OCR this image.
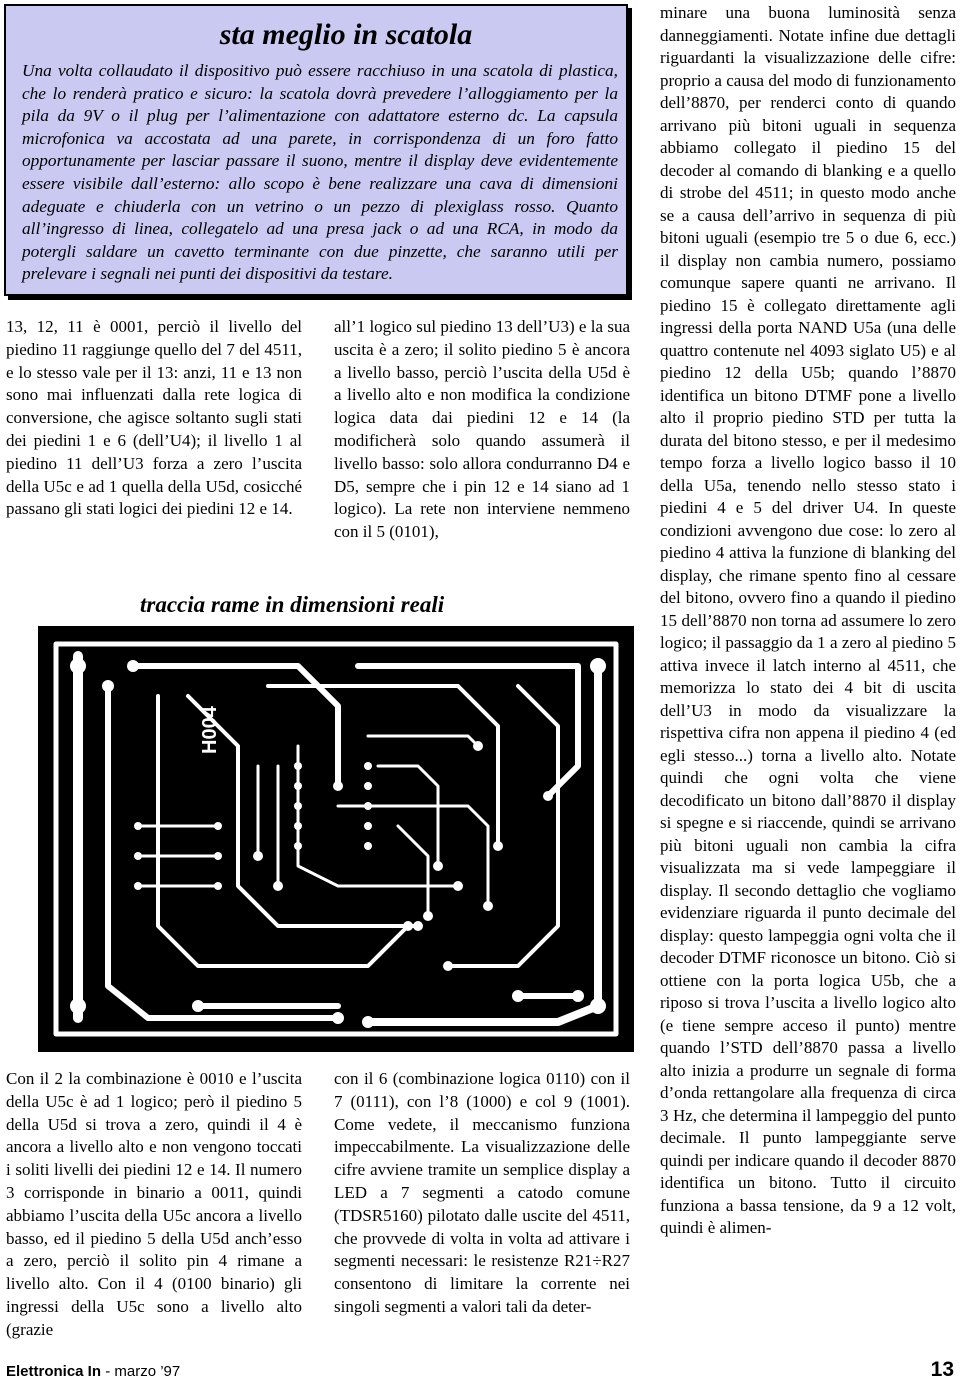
sta meglio in scatola

Una volta collaudato il dispositivo può essere racchiuso in una scatola di plastica, che lo renderà pratico e sicuro: la scatola dovrà prevedere l’alloggiamento per la pila da 9V o il plug per l’alimentazione con adattatore esterno dc. La capsula microfonica va accostata ad una parete, in corrispondenza di un foro fatto opportunamente per lasciar passare il suono, mentre il display deve evidentemente essere visibile dall’esterno: allo scopo è bene realizzare una cava di dimensioni adeguate e chiuderla con un vetrino o un pezzo di plexiglass rosso. Quanto all’ingresso di linea, collegatelo ad una presa jack o ad una RCA, in modo da potergli saldare un cavetto terminante con due pinzette, che saranno utili per prelevare i segnali nei punti dei dispositivi da testare.

13, 12, 11 è 0001, perciò il livello del piedino 11 raggiunge quello del 7 del 4511, e lo stesso vale per il 13: anzi, 11 e 13 non sono mai influenzati dalla rete logica di conversione, che agisce soltanto sugli stati dei piedini 1 e 6 (dell’U4); il livello 1 al piedino 11 dell’U3 forza a zero l’uscita della U5c e ad 1 quella della U5d, cosicché passano gli stati logici dei piedini 12 e 14.

all’1 logico sul piedino 13 dell’U3) e la sua uscita è a zero; il solito piedino 5 è ancora a livello basso, perciò l’uscita della U5d è a livello alto e non modifica la condizione logica data dai piedini 12 e 14 (la modificherà solo quando assumerà il livello basso: solo allora condurranno D4 e D5, sempre che i pin 12 e 14 siano ad 1 logico). La rete non interviene nemmeno con il 5 (0101),

Con il 2 la combinazione è 0010 e l’uscita della U5c è ad 1 logico; però il piedino 5 della U5d si trova a zero, quindi il 4 è ancora a livello alto e non vengono toccati i soliti livelli dei piedini 12 e 14. Il numero 3 corrisponde in binario a 0011, quindi abbiamo l’uscita della U5c ancora a livello basso, ed il piedino 5 della U5d anch’esso a zero, perciò il solito pin 4 rimane a livello alto. Con il 4 (0100 binario) gli ingressi della U5c sono a livello alto (grazie

con il 6 (combinazione logica 0110) con il 7 (0111), con l’8 (1000) e col 9 (1001). Come vedete, il meccanismo funziona impeccabilmente. La visualizzazione delle cifre avviene tramite un semplice display a LED a 7 segmenti a catodo comune (TDSR5160) pilotato dalle uscite del 4511, che provvede di volta in volta ad attivare i segmenti necessari: le resistenze R21÷R27 consentono di limitare la corrente nei singoli segmenti a valori tali da deter-

minare una buona luminosità senza danneggiamenti. Notate infine due dettagli riguardanti la visualizzazione delle cifre: proprio a causa del modo di funzionamento dell’8870, per renderci conto di quando arrivano più bitoni uguali in sequenza abbiamo collegato il piedino 15 del decoder al comando di blanking e a quello di strobe del 4511; in questo modo anche se a causa dell’arrivo in sequenza di più bitoni uguali (esempio tre 5 o due 6, ecc.) il display non cambia numero, possiamo comunque sapere quanti ne arrivano. Il piedino 15 è collegato direttamente agli ingressi della porta NAND U5a (una delle quattro contenute nel 4093 siglato U5) e al piedino 12 della U5b; quando l’8870 identifica un bitono DTMF pone a livello alto il proprio piedino STD per tutta la durata del bitono stesso, e per il medesimo tempo forza a livello logico basso il 10 della U5a, tenendo nello stesso stato i piedini 4 e 5 del driver U4. In queste condizioni avvengono due cose: lo zero al piedino 4 attiva la funzione di blanking del display, che rimane spento fino al cessare del bitono, ovvero fino a quando il piedino 15 dell’8870 non torna ad assumere lo zero logico; il passaggio da 1 a zero al piedino 5 attiva invece il latch interno al 4511, che memorizza lo stato dei 4 bit di uscita dell’U3 in modo da visualizzare la rispettiva cifra non appena il piedino 4 (ed egli stesso...) torna a livello alto. Notate quindi che ogni volta che viene decodificato un bitono dall’8870 il display si spegne e si riaccende, quindi se arrivano più bitoni uguali non cambia la cifra visualizzata ma si vede lampeggiare il display. Il secondo dettaglio che vogliamo evidenziare riguarda il punto decimale del display: questo lampeggia ogni volta che il decoder DTMF riconosce un bitono. Ciò si ottiene con la porta logica U5b, che a riposo si trova l’uscita a livello logico alto (e tiene sempre acceso il punto) mentre quando l’STD dell’8870 passa a livello alto inizia a produrre un segnale di forma d’onda rettangolare alla frequenza di circa 3 Hz, che determina il lampeggio del punto decimale. Il punto lampeggiante serve quindi per indicare quando il decoder 8870 identifica un bitono. Tutto il circuito funziona a bassa tensione, da 9 a 12 volt, quindi è alimen-

traccia rame in dimensioni reali

H004

Elettronica In - marzo ’97	13
